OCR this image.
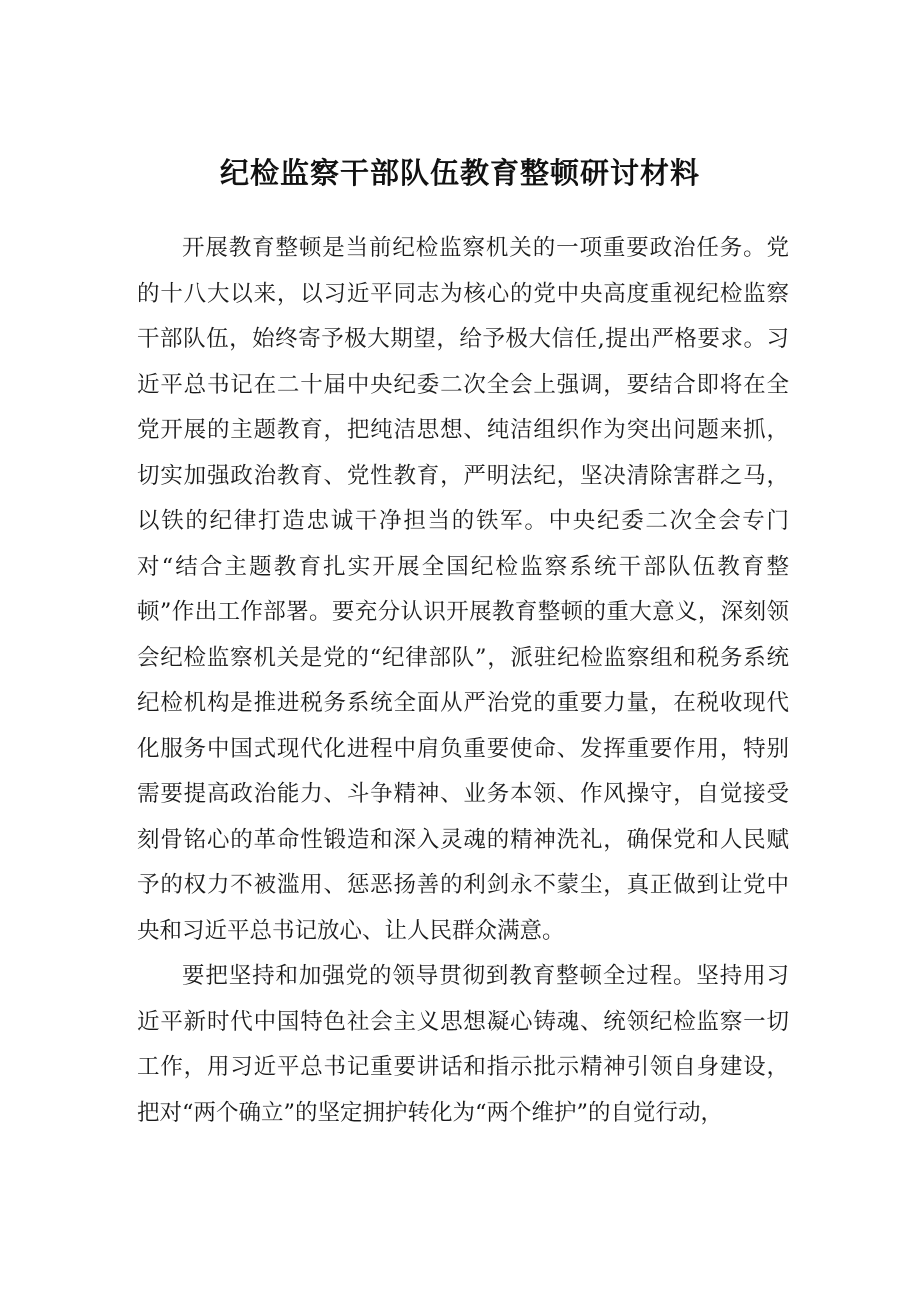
纪检监察干部队伍教育整顿研讨材料

开展教育整顿是当前纪检监察机关的一项重要政治任务。党的十八大以来，以习近平同志为核心的党中央高度重视纪检监察干部队伍，始终寄予极大期望，给予极大信任,提出严格要求。习近平总书记在二十届中央纪委二次全会上强调，要结合即将在全党开展的主题教育，把纯洁思想、纯洁组织作为突出问题来抓，切实加强政治教育、党性教育，严明法纪，坚决清除害群之马，以铁的纪律打造忠诚干净担当的铁军。中央纪委二次全会专门对“结合主题教育扎实开展全国纪检监察系统干部队伍教育整顿”作出工作部署。要充分认识开展教育整顿的重大意义，深刻领会纪检监察机关是党的“纪律部队”，派驻纪检监察组和税务系统纪检机构是推进税务系统全面从严治党的重要力量，在税收现代化服务中国式现代化进程中肩负重要使命、发挥重要作用，特别需要提高政治能力、斗争精神、业务本领、作风操守，自觉接受刻骨铭心的革命性锻造和深入灵魂的精神洗礼，确保党和人民赋予的权力不被滥用、惩恶扬善的利剑永不蒙尘，真正做到让党中央和习近平总书记放心、让人民群众满意。

要把坚持和加强党的领导贯彻到教育整顿全过程。坚持用习近平新时代中国特色社会主义思想凝心铸魂、统领纪检监察一切工作，用习近平总书记重要讲话和指示批示精神引领自身建设，把对“两个确立”的坚定拥护转化为“两个维护”的自觉行动，
